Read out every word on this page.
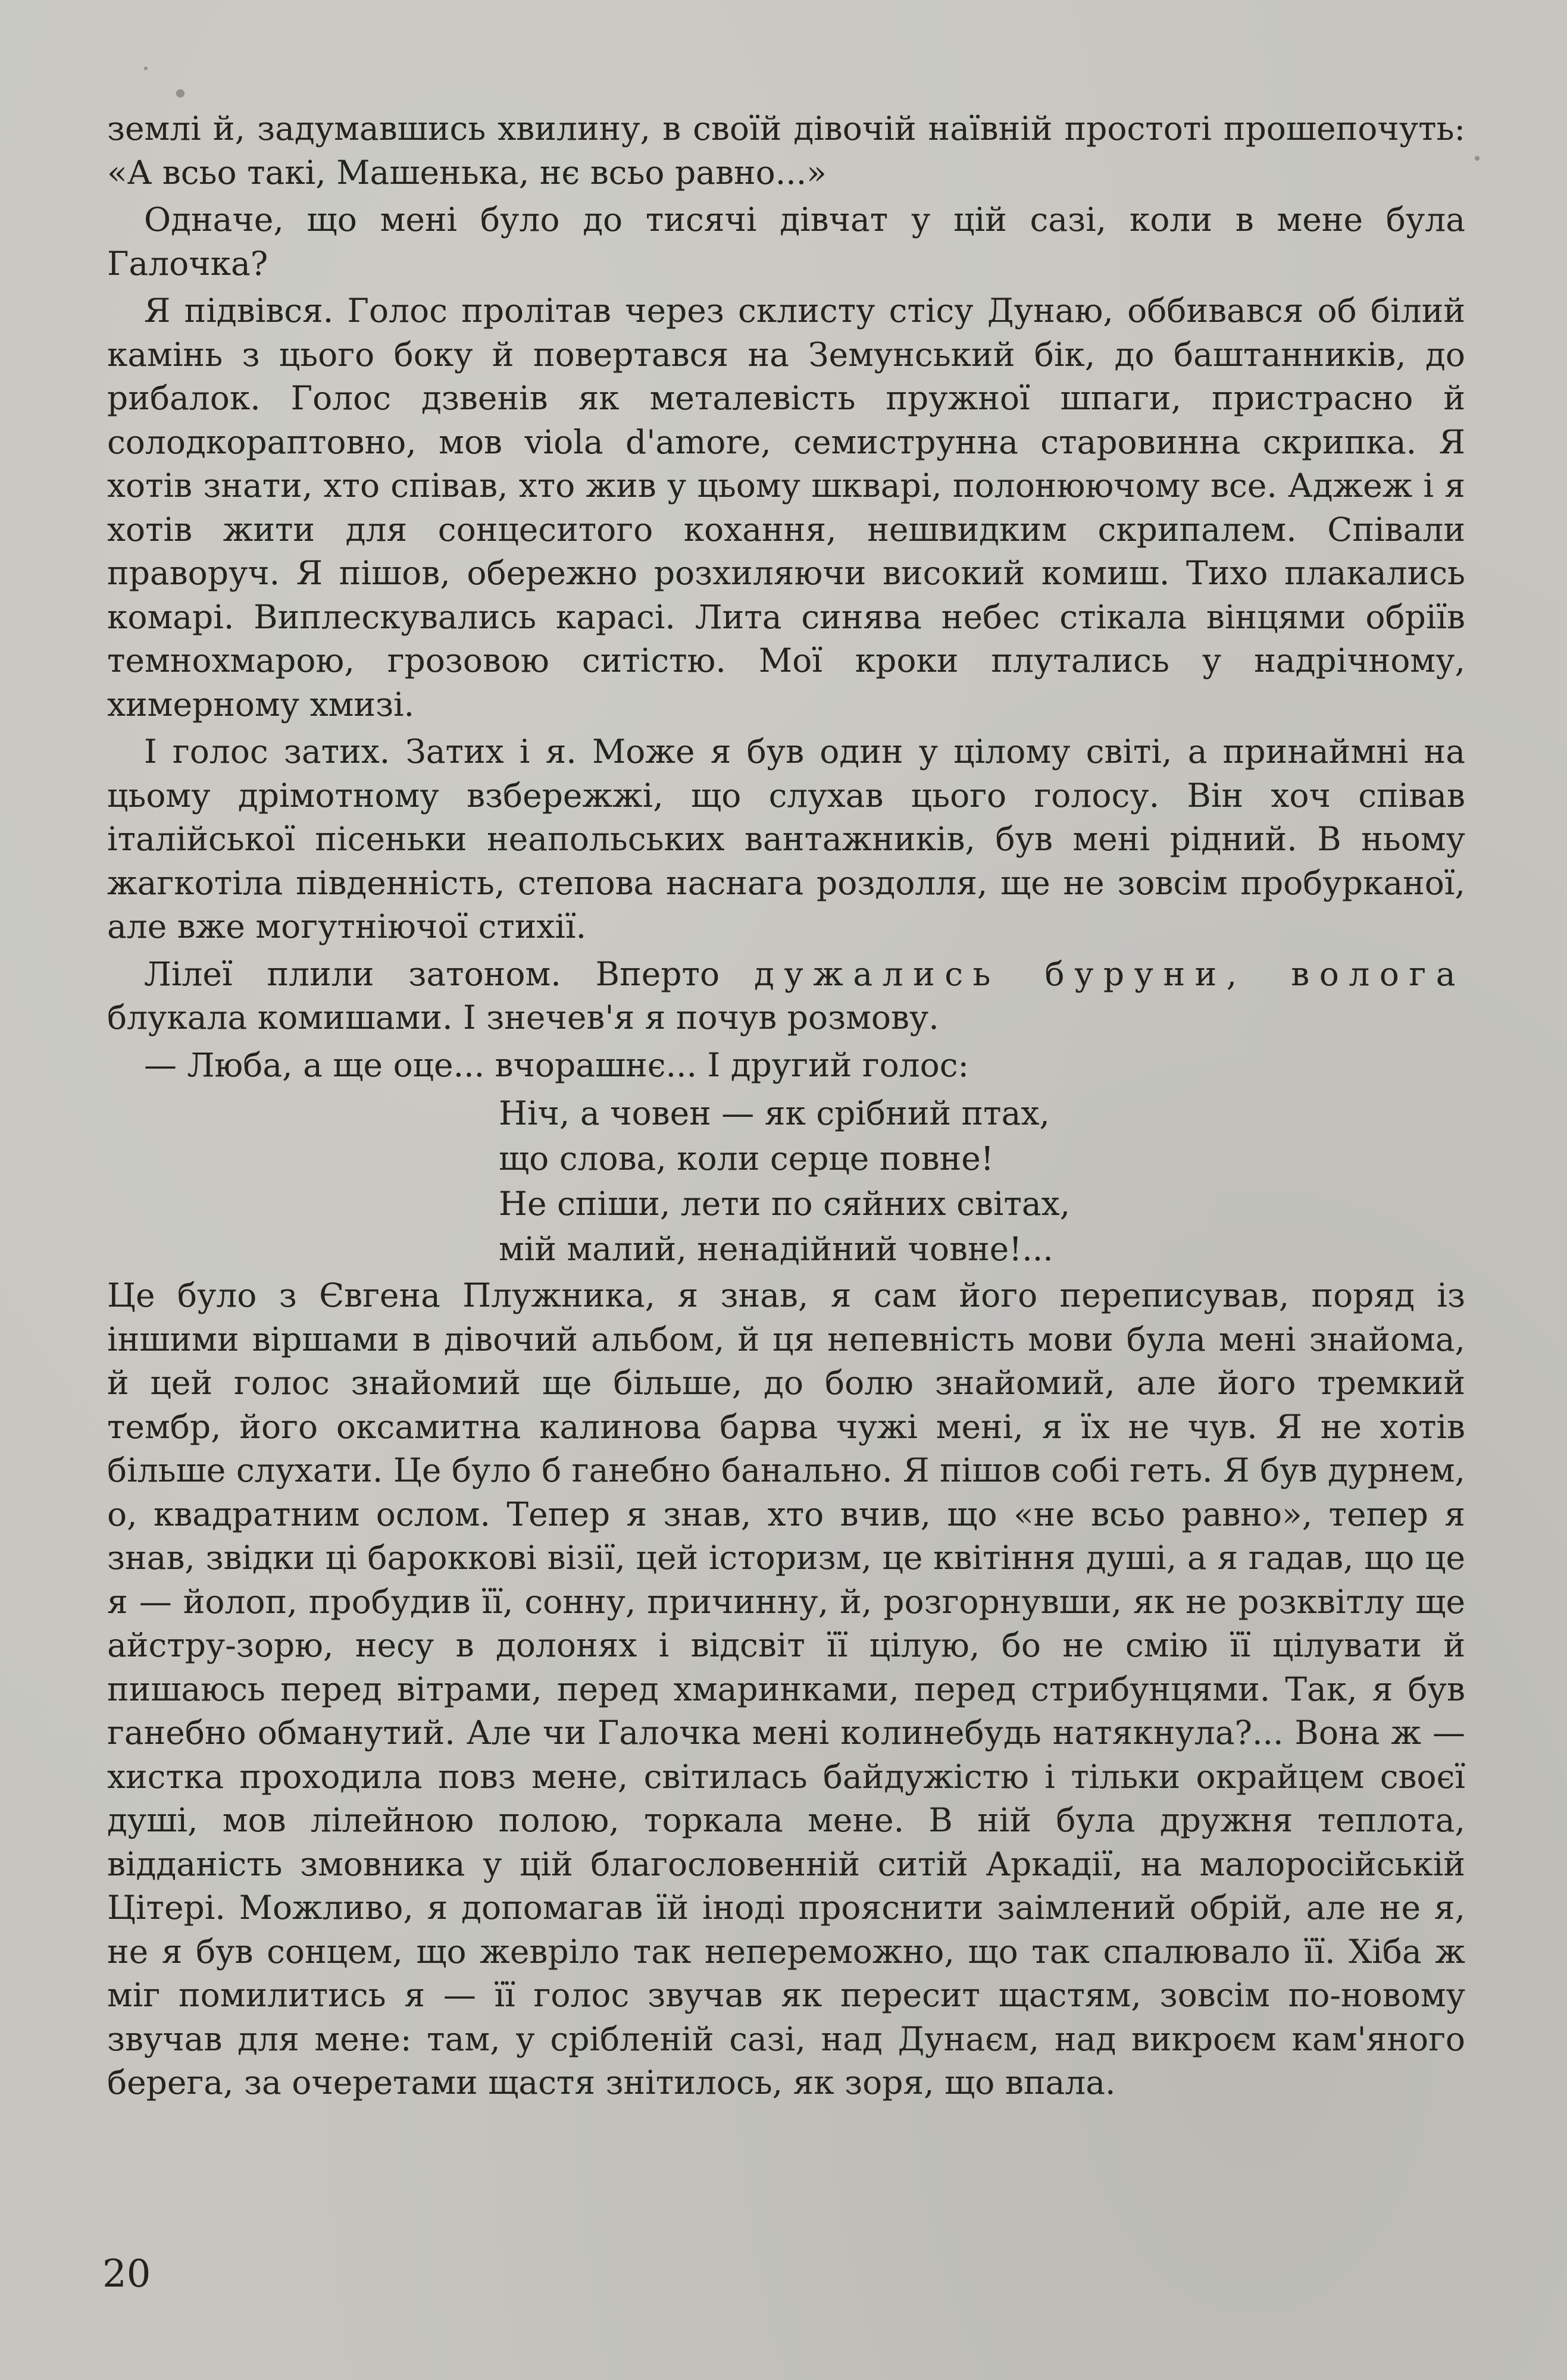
землі й, задумавшись хвилину, в своїй дівочій наївній простоті прошепочуть: «А всьо такі, Машенька, нє всьо равно...»

Одначе, що мені було до тисячі дівчат у цій сазі, коли в мене була Галочка?

Я підвівся. Голос пролітав через склисту стісу Дунаю, оббивався об білий камінь з цього боку й повертався на Земунський бік, до баштанників, до рибалок. Голос дзвенів як металевість пружної шпаги, пристрасно й солодкораптовно, мов viola d'amore, семиструнна старовинна скрипка. Я хотів знати, хто співав, хто жив у цьому шкварі, полонюючому все. Аджеж і я хотів жити для сонцеситого кохання, нешвидким скрипалем. Співали праворуч. Я пішов, обережно розхиляючи високий комиш. Тихо плакались комарі. Виплескувались карасі. Лита синява небес стікала вінцями обріїв темнохмарою, грозовою ситістю. Мої кроки плутались у надрічному, химерному хмизі.

І голос затих. Затих і я. Може я був один у цілому світі, а принаймні на цьому дрімотному взбережжі, що слухав цього голосу. Він хоч співав італійської пісеньки неапольських вантажників, був мені рідний. В ньому жагкотіла південність, степова наснага роздолля, ще не зовсім пробурканої, але вже могутніючої стихії.

Лілеї плили затоном. Вперто дужались буруни, волога блукала комишами. І знечев'я я почув розмову.

— Люба, а ще оце... вчорашнє... І другий голос:

Ніч, а човен — як срібний птах,
що слова, коли серце повне!
Не спіши, лети по сяйних світах,
мій малий, ненадійний човне!...

Це було з Євгена Плужника, я знав, я сам його переписував, поряд із іншими віршами в дівочий альбом, й ця непевність мови була мені знайома, й цей голос знайомий ще більше, до болю знайомий, але його тремкий тембр, його оксамитна калинова барва чужі мені, я їх не чув. Я не хотів більше слухати. Це було б ганебно банально. Я пішов собі геть. Я був дурнем, о, квадратним ослом. Тепер я знав, хто вчив, що «не всьо равно», тепер я знав, звідки ці бароккові візії, цей історизм, це квітіння душі, а я гадав, що це я — йолоп, пробудив її, сонну, причинну, й, розгорнувши, як не розквітлу ще айстру-зорю, несу в долонях і відсвіт її цілую, бо не смію її цілувати й пишаюсь перед вітрами, перед хмаринками, перед стрибунцями. Так, я був ганебно обманутий. Але чи Галочка мені колинебудь натякнула?... Вона ж — хистка проходила повз мене, світилась байдужістю і тільки окрайцем своєї душі, мов лілейною полою, торкала мене. В ній була дружня теплота, відданість змовника у цій благословенній ситій Аркадії, на малоросійській Цітері. Можливо, я допомагав їй іноді прояснити заімлений обрій, але не я, не я був сонцем, що жевріло так непереможно, що так спалювало її. Хіба ж міг помилитись я — її голос звучав як пересит щастям, зовсім по-новому звучав для мене: там, у срібленій сазі, над Дунаєм, над викроєм кам'яного берега, за очеретами щастя знітилось, як зоря, що впала.

20
